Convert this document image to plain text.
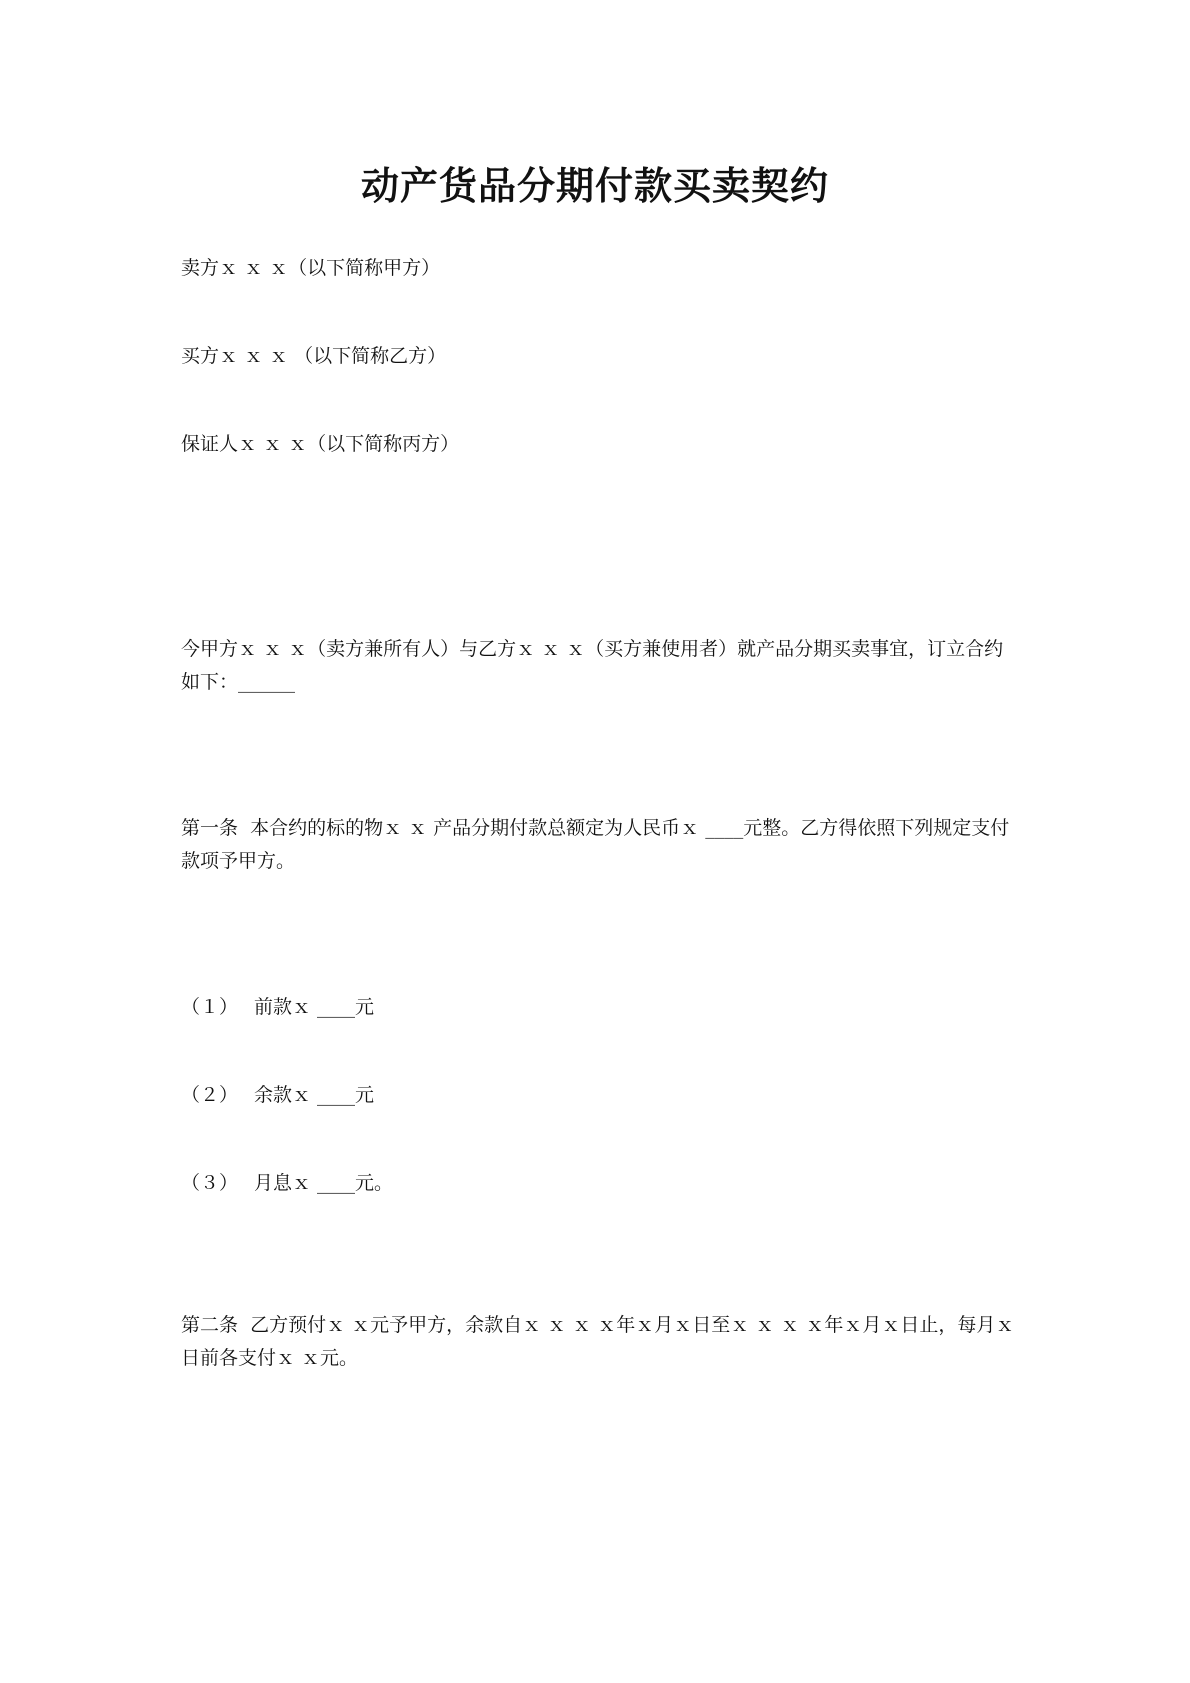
动产货品分期付款买卖契约

卖方ｘ ｘ ｘ（以下简称甲方）

买方ｘ ｘ ｘ （以下简称乙方）

保证人ｘ ｘ ｘ（以下简称丙方）

今甲方ｘ ｘ ｘ（卖方兼所有人）与乙方ｘ ｘ ｘ（买方兼使用者）就产品分期买卖事宜，订立合约如下：______

第一条  本合约的标的物ｘ ｘ 产品分期付款总额定为人民币ｘ ____元整。乙方得依照下列规定支付款项予甲方。

（１） 前款ｘ ____元

（２） 余款ｘ ____元

（３） 月息ｘ ____元。

第二条  乙方预付ｘ ｘ元予甲方，余款自ｘ ｘ ｘ ｘ年ｘ月ｘ日至ｘ ｘ ｘ ｘ年ｘ月ｘ日止，每月ｘ日前各支付ｘ ｘ元。
